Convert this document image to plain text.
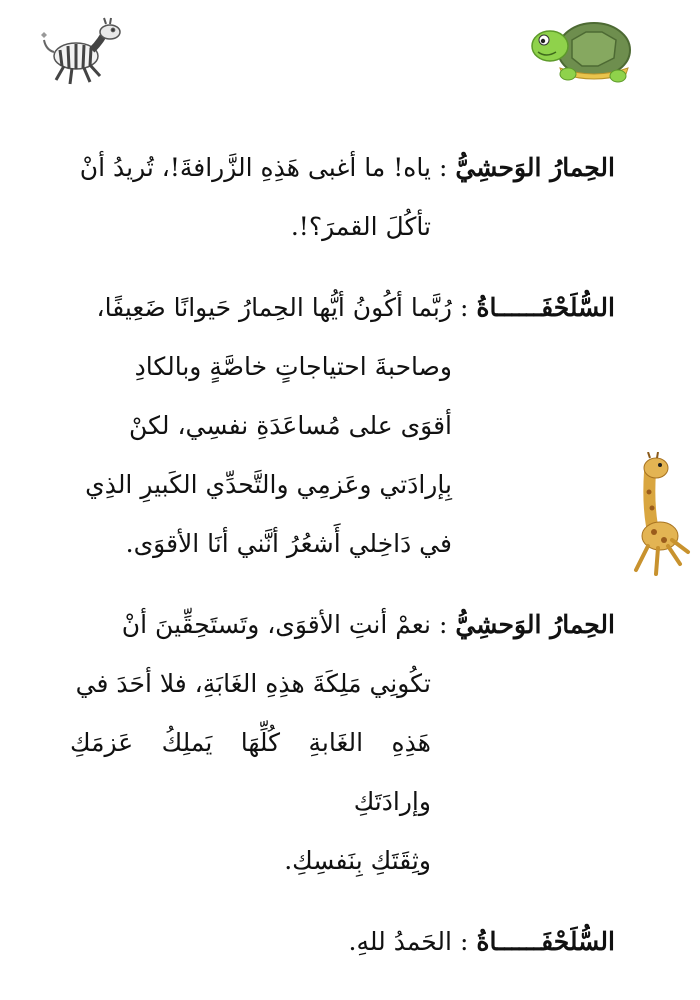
الحِمارُ الوَحشِيُّ
:
ياه! ما أغبى هَذِهِ الزَّرافةَ!، تُريدُ أنْ
تأكُلَ القمرَ؟!.
السُّلَحْفَــــــاةُ
:
رُبَّما أكُونُ أيُّها الحِمارُ حَيوانًا ضَعِيفًا،
وصاحبةَ احتياجاتٍ خاصَّةٍ وبالكادِ
أقوَى على مُساعَدَةِ نفسِي، لكنْ
بِإرادَتي وعَزمِي والتَّحدِّي الكَبيرِ الذِي
في دَاخِلي أَشعُرُ أنَّني أنَا الأقوَى.
الحِمارُ الوَحشِيُّ
:
نعمْ أنتِ الأقوَى، وتَستَحِقِّينَ أنْ
تكُونِي مَلِكَةَ هذِهِ الغَابَةِ، فلا أحَدَ في
هَذِهِ الغَابةِ كُلِّهَا يَملِكُ عَزمَكِ وإرادَتَكِ
وثِقَتَكِ بِنَفسِكِ.
السُّلَحْفَــــــاةُ
:
الحَمدُ للهِ.
